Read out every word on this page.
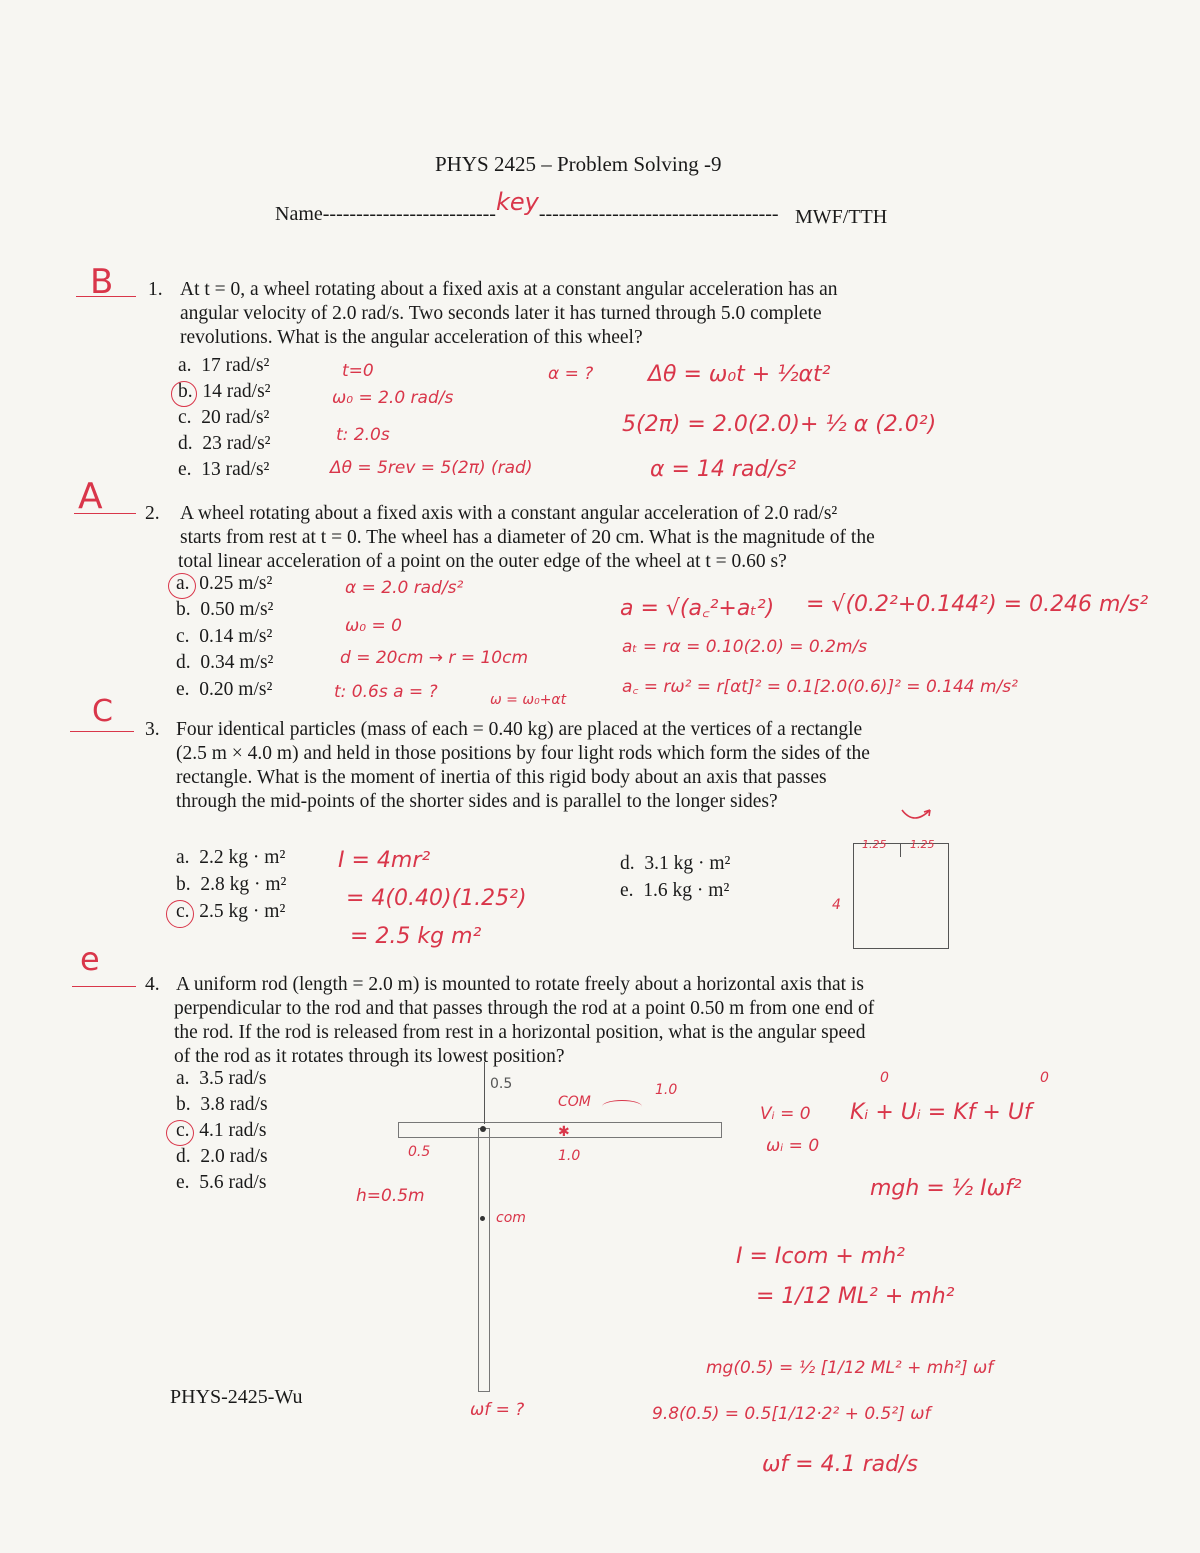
PHYS 2425 – Problem Solving -9
Name--------------------------key------------------------------------ MWF/TTH
B 1. At t = 0, a wheel rotating about a fixed axis at a constant angular acceleration has an
angular velocity of 2.0 rad/s. Two seconds later it has turned through 5.0 complete
revolutions. What is the angular acceleration of this wheel?
a. 17 rad/s²
b. 14 rad/s²
c. 20 rad/s²
d. 23 rad/s²
e. 13 rad/s²
t=0
ω₀ = 2.0 rad/s
t: 2.0s
Δθ = 5rev = 5(2π) (rad)
α = ? Δθ = ω₀t + ½αt²
5(2π) = 2.0(2.0)+ ½ α (2.0²)
α = 14 rad/s²
A 2. A wheel rotating about a fixed axis with a constant angular acceleration of 2.0 rad/s²
starts from rest at t = 0. The wheel has a diameter of 20 cm. What is the magnitude of the
total linear acceleration of a point on the outer edge of the wheel at t = 0.60 s?
a. 0.25 m/s²
b. 0.50 m/s²
c. 0.14 m/s²
d. 0.34 m/s²
e. 0.20 m/s²
α = 2.0 rad/s²
ω₀ = 0
d = 20cm → r = 10cm
t: 0.6s a = ?	ω = ω₀+αt
a = √(a꜀²+aₜ²) = √(0.2²+0.144²) = 0.246 m/s²
aₜ = rα = 0.10(2.0) = 0.2m/s
a꜀ = rω² = r[αt]² = 0.1[2.0(0.6)]² = 0.144 m/s²
C
3. Four identical particles (mass of each = 0.40 kg) are placed at the vertices of a rectangle
(2.5 m × 4.0 m) and held in those positions by four light rods which form the sides of the
rectangle. What is the moment of inertia of this rigid body about an axis that passes
through the mid-points of the shorter sides and is parallel to the longer sides?
a. 2.2 kg · m²
b. 2.8 kg · m²
c. 2.5 kg · m²
d. 3.1 kg · m²
e. 1.6 kg · m²
I = 4mr²
= 4(0.40)(1.25²)
= 2.5 kg m²
1.25 1.25
4
e
4. A uniform rod (length = 2.0 m) is mounted to rotate freely about a horizontal axis that is
perpendicular to the rod and that passes through the rod at a point 0.50 m from one end of
the rod. If the rod is released from rest in a horizontal position, what is the angular speed
of the rod as it rotates through its lowest position?
a. 3.5 rad/s
b. 3.8 rad/s
c. 4.1 rad/s
d. 2.0 rad/s
e. 5.6 rad/s
0.5
COM
1.0
✱
0.5	1.0
h=0.5m
com
ωf = ?
Vᵢ = 0
ωᵢ = 0
0	0
Kᵢ + Uᵢ = Kf + Uf
mgh = ½ Iωf²
I = Icom + mh²
= 1/12 ML² + mh²
mg(0.5) = ½ [1/12 ML² + mh²] ωf
9.8(0.5) = 0.5[1/12·2² + 0.5²] ωf
ωf = 4.1 rad/s
PHYS-2425-Wu
